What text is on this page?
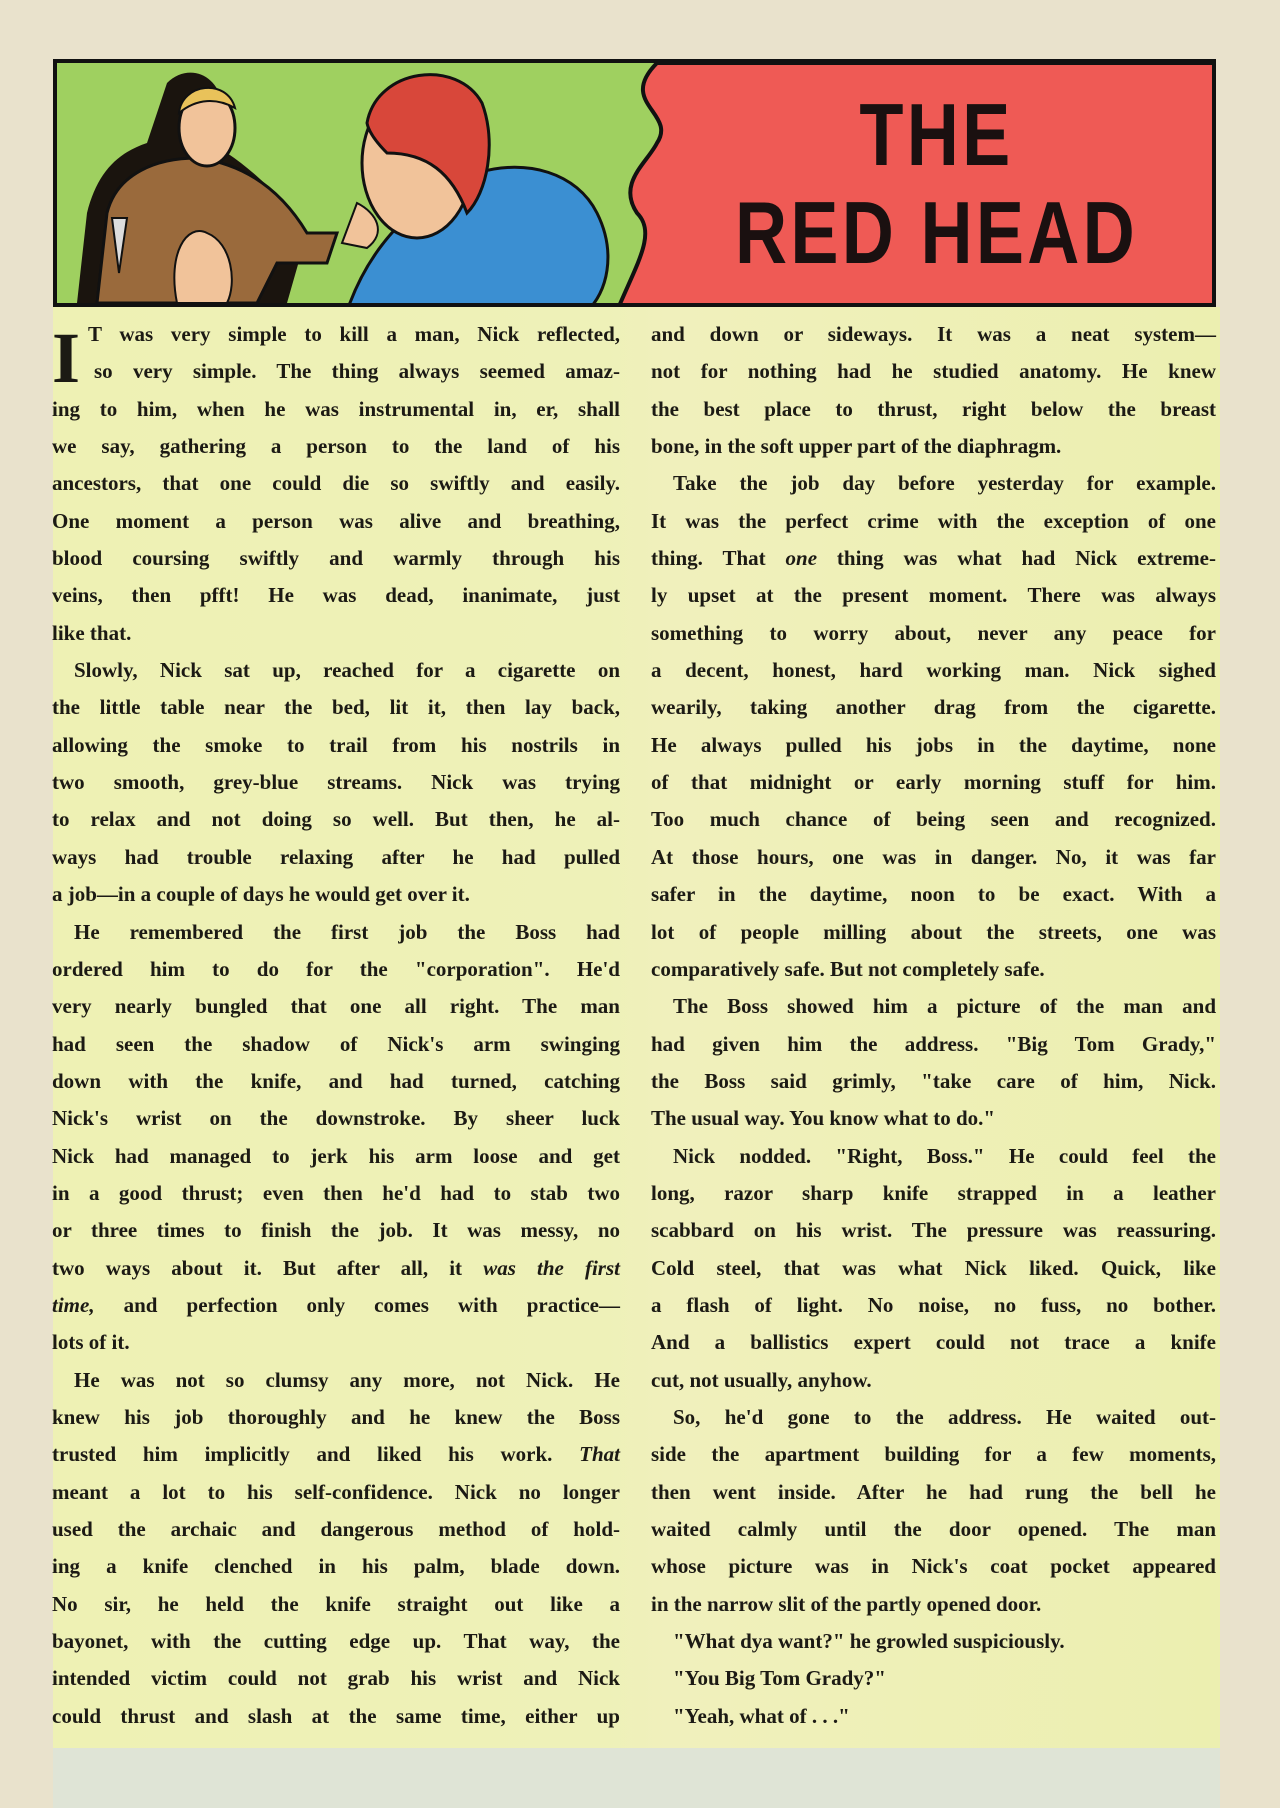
THE
RED HEAD
I T was very simple to kill a man, Nick reflected,
so very simple. The thing always seemed amaz-
ing to him, when he was instrumental in, er, shall
we say, gathering a person to the land of his
ancestors, that one could die so swiftly and easily.
One moment a person was alive and breathing,
blood coursing swiftly and warmly through his
veins, then pfft! He was dead, inanimate, just
like that.
Slowly, Nick sat up, reached for a cigarette on
the little table near the bed, lit it, then lay back,
allowing the smoke to trail from his nostrils in
two smooth, grey-blue streams. Nick was trying
to relax and not doing so well. But then, he al-
ways had trouble relaxing after he had pulled
a job—in a couple of days he would get over it.
He remembered the first job the Boss had
ordered him to do for the "corporation". He'd
very nearly bungled that one all right. The man
had seen the shadow of Nick's arm swinging
down with the knife, and had turned, catching
Nick's wrist on the downstroke. By sheer luck
Nick had managed to jerk his arm loose and get
in a good thrust; even then he'd had to stab two
or three times to finish the job. It was messy, no
two ways about it. But after all, it was the first
time, and perfection only comes with practice—
lots of it.
He was not so clumsy any more, not Nick. He
knew his job thoroughly and he knew the Boss
trusted him implicitly and liked his work. That
meant a lot to his self-confidence. Nick no longer
used the archaic and dangerous method of hold-
ing a knife clenched in his palm, blade down.
No sir, he held the knife straight out like a
bayonet, with the cutting edge up. That way, the
intended victim could not grab his wrist and Nick
could thrust and slash at the same time, either up
and down or sideways. It was a neat system—
not for nothing had he studied anatomy. He knew
the best place to thrust, right below the breast
bone, in the soft upper part of the diaphragm.
Take the job day before yesterday for example.
It was the perfect crime with the exception of one
thing. That one thing was what had Nick extreme-
ly upset at the present moment. There was always
something to worry about, never any peace for
a decent, honest, hard working man. Nick sighed
wearily, taking another drag from the cigarette.
He always pulled his jobs in the daytime, none
of that midnight or early morning stuff for him.
Too much chance of being seen and recognized.
At those hours, one was in danger. No, it was far
safer in the daytime, noon to be exact. With a
lot of people milling about the streets, one was
comparatively safe. But not completely safe.
The Boss showed him a picture of the man and
had given him the address. "Big Tom Grady,"
the Boss said grimly, "take care of him, Nick.
The usual way. You know what to do."
Nick nodded. "Right, Boss." He could feel the
long, razor sharp knife strapped in a leather
scabbard on his wrist. The pressure was reassuring.
Cold steel, that was what Nick liked. Quick, like
a flash of light. No noise, no fuss, no bother.
And a ballistics expert could not trace a knife
cut, not usually, anyhow.
So, he'd gone to the address. He waited out-
side the apartment building for a few moments,
then went inside. After he had rung the bell he
waited calmly until the door opened. The man
whose picture was in Nick's coat pocket appeared
in the narrow slit of the partly opened door.
"What dya want?" he growled suspiciously.
"You Big Tom Grady?"
"Yeah, what of . . ."
